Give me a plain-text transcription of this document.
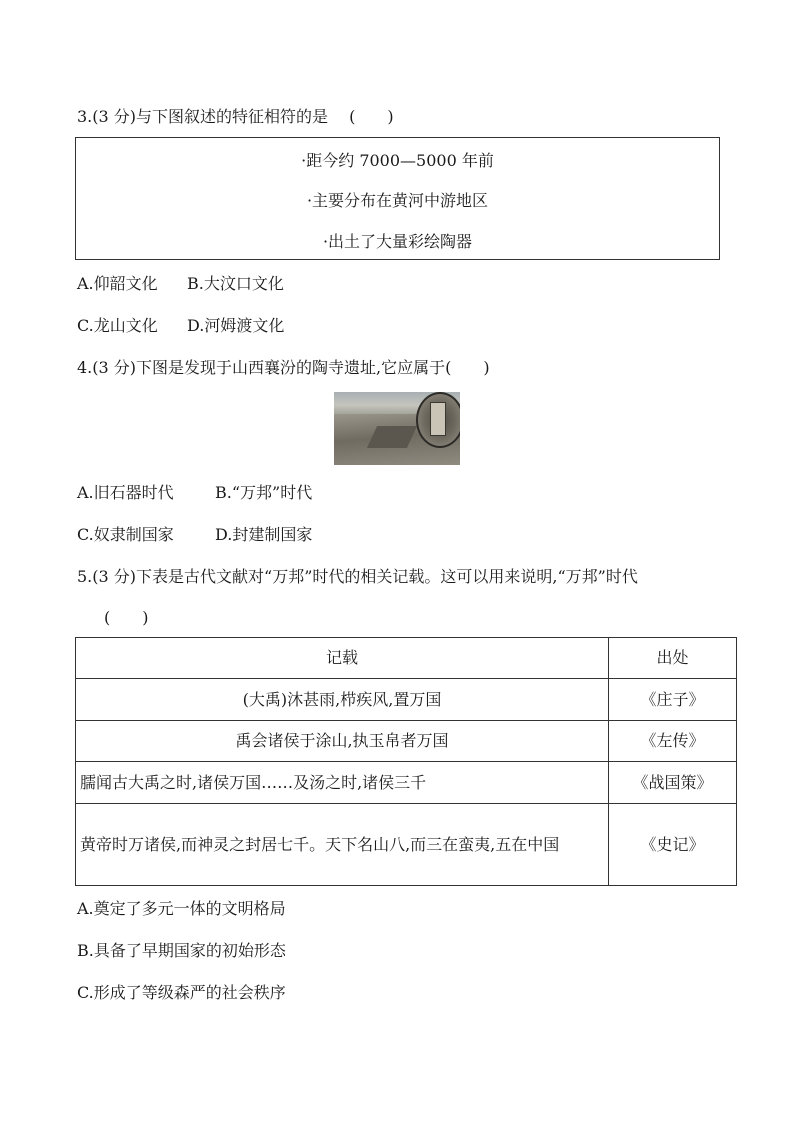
3.(3 分)与下图叙述的特征相符的是　 (　　)
·距今约 7000—5000 年前
·主要分布在黄河中游地区
·出土了大量彩绘陶器
A.仰韶文化 B.大汶口文化
C.龙山文化 D.河姆渡文化
4.(3 分)下图是发现于山西襄汾的陶寺遗址,它应属于(　　)
A.旧石器时代	B.“万邦”时代
C.奴隶制国家	D.封建制国家
5.(3 分)下表是古代文献对“万邦”时代的相关记载。这可以用来说明,“万邦”时代
(　　)
记载	出处
(大禹)沐甚雨,栉疾风,置万国	《庄子》
禹会诸侯于涂山,执玉帛者万国	《左传》
臑闻古大禹之时,诸侯万国……及汤之时,诸侯三千	《战国策》
黄帝时万诸侯,而神灵之封居七千。天下名山八,而三在蛮夷,五在中国	《史记》
A.奠定了多元一体的文明格局
B.具备了早期国家的初始形态
C.形成了等级森严的社会秩序
